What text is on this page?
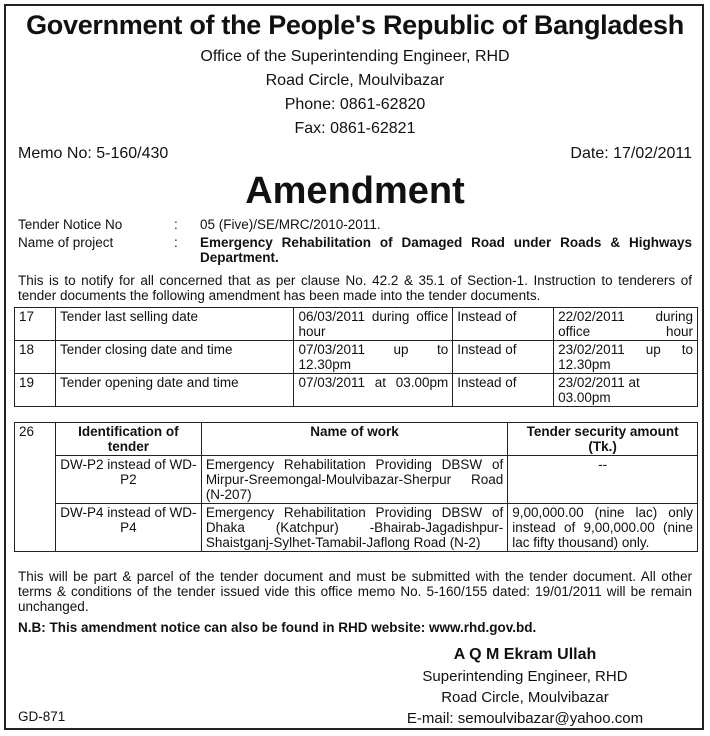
Government of the People's Republic of Bangladesh
Office of the Superintending Engineer, RHD
Road Circle, Moulvibazar
Phone: 0861-62820
Fax: 0861-62821
Memo No: 5-160/430	Date: 17/02/2011
Amendment
Tender Notice No	: 05 (Five)/SE/MRC/2010-2011.
Name of project	: Emergency Rehabilitation of Damaged Road under Roads & Highways Department.
This is to notify for all concerned that as per clause No. 42.2 & 35.1 of Section-1. Instruction to tenderers of tender documents the following amendment has been made into the tender documents.
17	Tender last selling date	06/03/2011 during office hour	Instead of	22/02/2011 during office hour
18	Tender closing date and time	07/03/2011 up to 12.30pm	Instead of	23/02/2011 up to 12.30pm
19	Tender opening date and time	07/03/2011 at 03.00pm	Instead of	23/02/2011 at 03.00pm
26	Identification of tender	Name of work	Tender security amount (Tk.)
	DW-P2 instead of WD-P2	Emergency Rehabilitation Providing DBSW of Mirpur-Sreemongal-Moulvibazar-Sherpur Road (N-207)	--
	DW-P4 instead of WD-P4	Emergency Rehabilitation Providing DBSW of Dhaka (Katchpur) -Bhairab-Jagadishpur-Shaistganj-Sylhet-Tamabil-Jaflong Road (N-2)	9,00,000.00 (nine lac) only instead of 9,00,000.00 (nine lac fifty thousand) only.
This will be part & parcel of the tender document and must be submitted with the tender document. All other terms & conditions of the tender issued vide this office memo No. 5-160/155 dated: 19/01/2011 will be remain unchanged.
N.B: This amendment notice can also be found in RHD website: www.rhd.gov.bd.
A Q M Ekram Ullah
Superintending Engineer, RHD
Road Circle, Moulvibazar
E-mail: semoulvibazar@yahoo.com
GD-871
